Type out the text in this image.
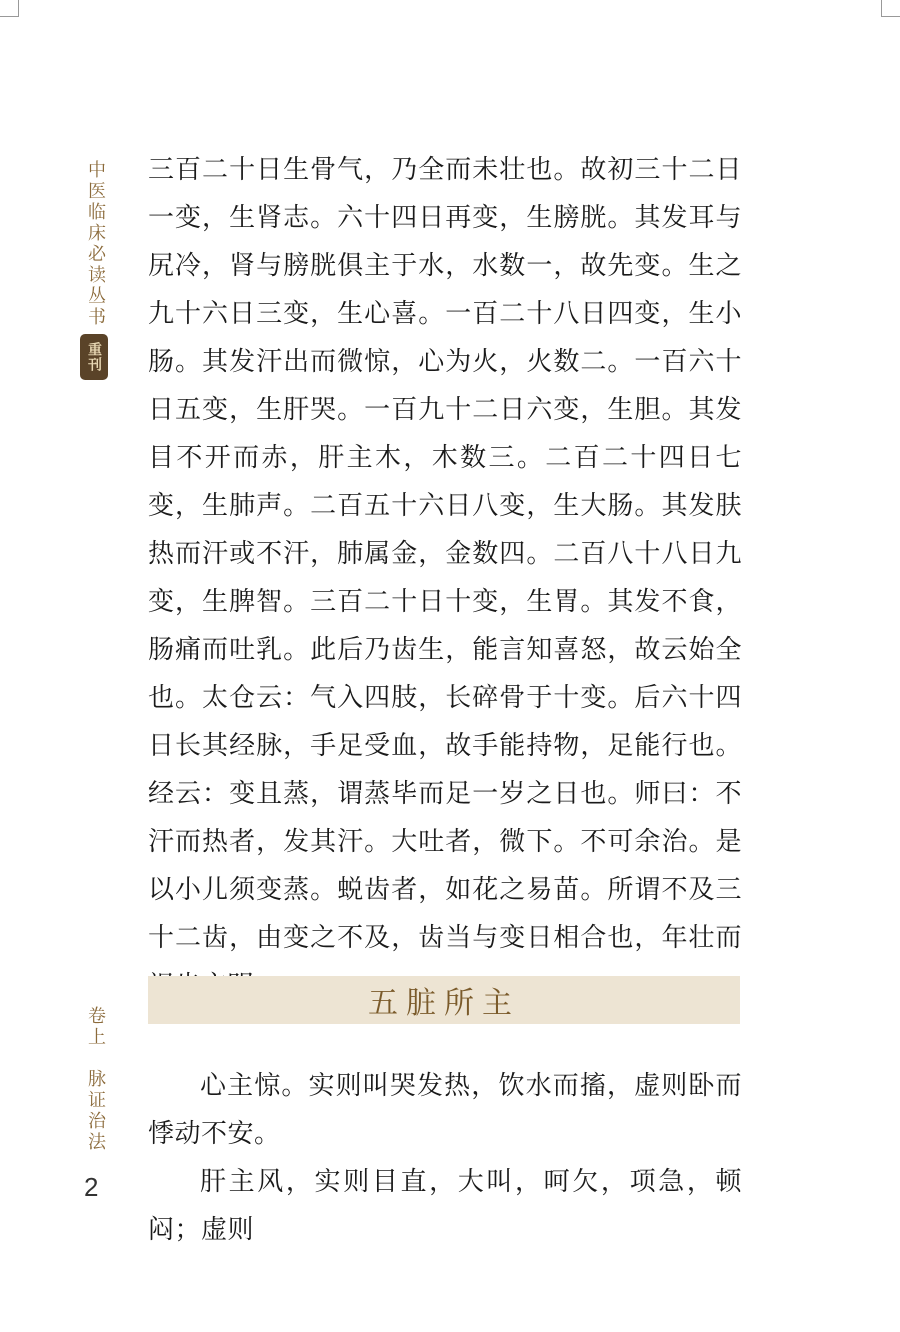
中医临床必读丛书
重刊
卷上　脉证治法
2

三百二十日生骨气，乃全而未壮也。故初三十二日一变，生肾志。六十四日再变，生膀胱。其发耳与尻冷，肾与膀胱俱主于水，水数一，故先变。生之九十六日三变，生心喜。一百二十八日四变，生小肠。其发汗出而微惊，心为火，火数二。一百六十日五变，生肝哭。一百九十二日六变，生胆。其发目不开而赤，肝主木，木数三。二百二十四日七变，生肺声。二百五十六日八变，生大肠。其发肤热而汗或不汗，肺属金，金数四。二百八十八日九变，生脾智。三百二十日十变，生胃。其发不食，肠痛而吐乳。此后乃齿生，能言知喜怒，故云始全也。太仓云：气入四肢，长碎骨于十变。后六十四日长其经脉，手足受血，故手能持物，足能行也。经云：变且蒸，谓蒸毕而足一岁之日也。师曰：不汗而热者，发其汗。大吐者，微下。不可余治。是以小儿须变蒸。蜕齿者，如花之易苗。所谓不及三十二齿，由变之不及，齿当与变日相合也，年壮而

五脏所主

心主惊。实则叫哭发热，饮水而搐，虚则卧而悸动不安。

肝主风，实则目直，大叫，呵欠，项急，顿闷；虚则
